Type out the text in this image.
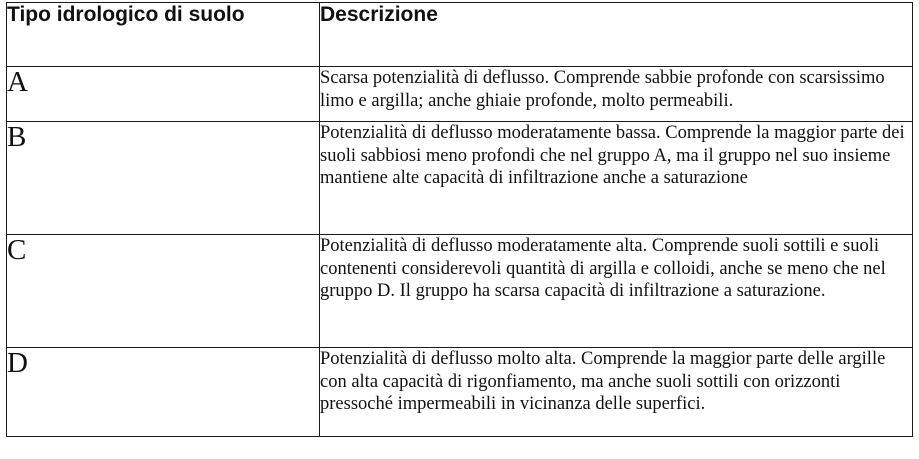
Tipo idrologico di suolo	Descrizione
A	Scarsa potenzialità di deflusso. Comprende sabbie profonde con scarsissimo limo e argilla; anche ghiaie profonde, molto permeabili.
B	Potenzialità di deflusso moderatamente bassa. Comprende la maggior parte dei suoli sabbiosi meno profondi che nel gruppo A, ma il gruppo nel suo insieme mantiene alte capacità di infiltrazione anche a saturazione
C	Potenzialità di deflusso moderatamente alta. Comprende suoli sottili e suoli contenenti considerevoli quantità di argilla e colloidi, anche se meno che nel gruppo D. Il gruppo ha scarsa capacità di infiltrazione a saturazione.
D	Potenzialità di deflusso molto alta. Comprende la maggior parte delle argille con alta capacità di rigonfiamento, ma anche suoli sottili con orizzonti pressoché impermeabili in vicinanza delle superfici.
